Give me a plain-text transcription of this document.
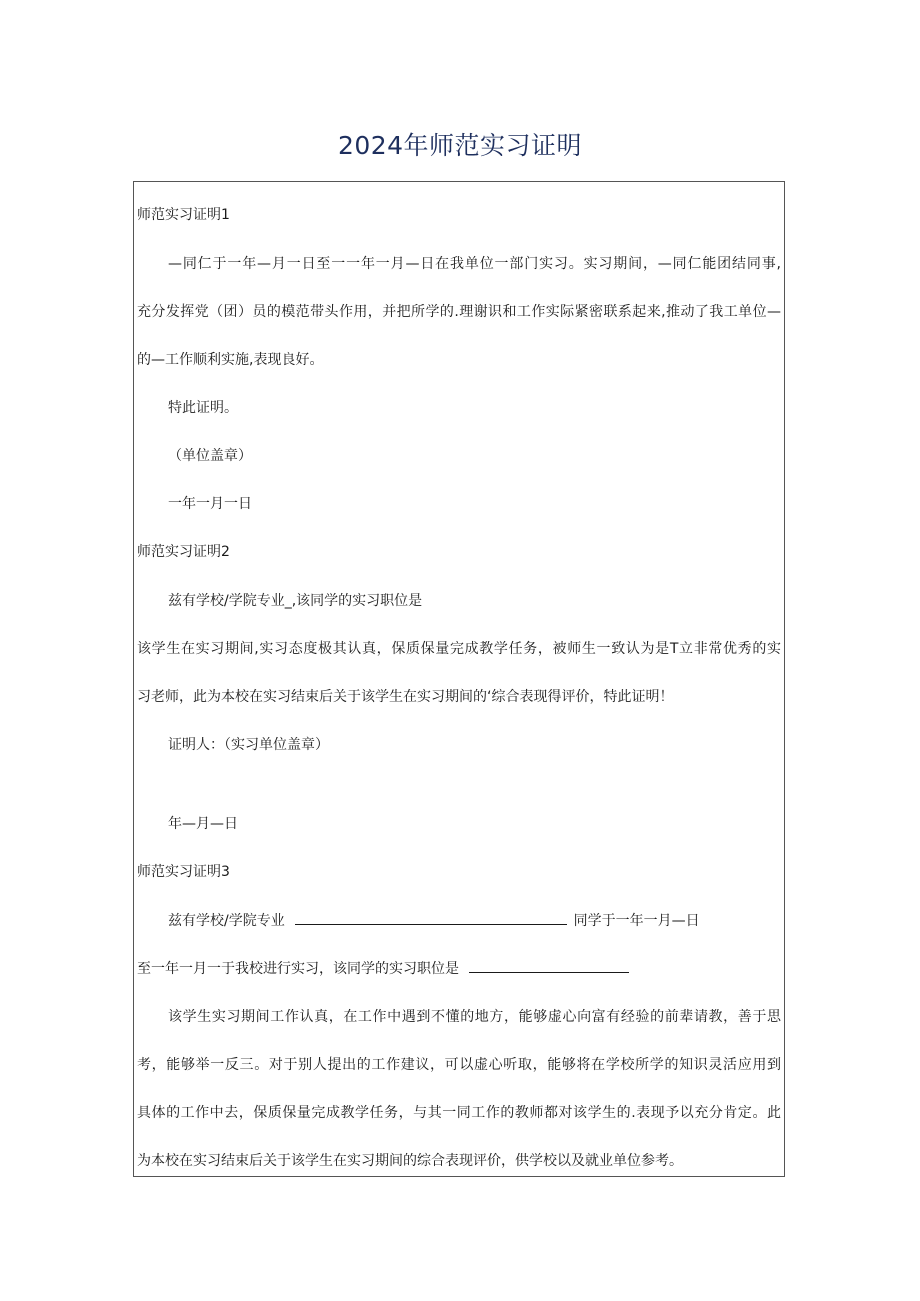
2024年师范实习证明
师范实习证明1
—同仁于一年—月一日至一一年一月—日在我单位一部门实习。实习期间，—同仁能团结同事,
充分发挥党（团）员的模范带头作用，并把所学的.理谢识和工作实际紧密联系起来,推动了我工单位—
的—工作顺利实施,表现良好。
特此证明。
（单位盖章）
一年一月一日
师范实习证明2
兹有学校/学院专业_,该同学的实习职位是
该学生在实习期间,实习态度极其认真，保质保量完成教学任务，被师生一致认为是T立非常优秀的实
习老师，此为本校在实习结束后关于该学生在实习期间的‘综合表现得评价，特此证明！
证明人：（实习单位盖章）
年—月—日
师范实习证明3
兹有学校/学院专业	同学于一年一月—日
至一年一月一于我校进行实习，该同学的实习职位是
该学生实习期间工作认真，在工作中遇到不懂的地方，能够虚心向富有经验的前辈请教，善于思
考，能够举一反三。对于别人提出的工作建议，可以虚心听取，能够将在学校所学的知识灵活应用到
具体的工作中去，保质保量完成教学任务，与其一同工作的教师都对该学生的.表现予以充分肯定。此
为本校在实习结束后关于该学生在实习期间的综合表现评价，供学校以及就业单位参考。
